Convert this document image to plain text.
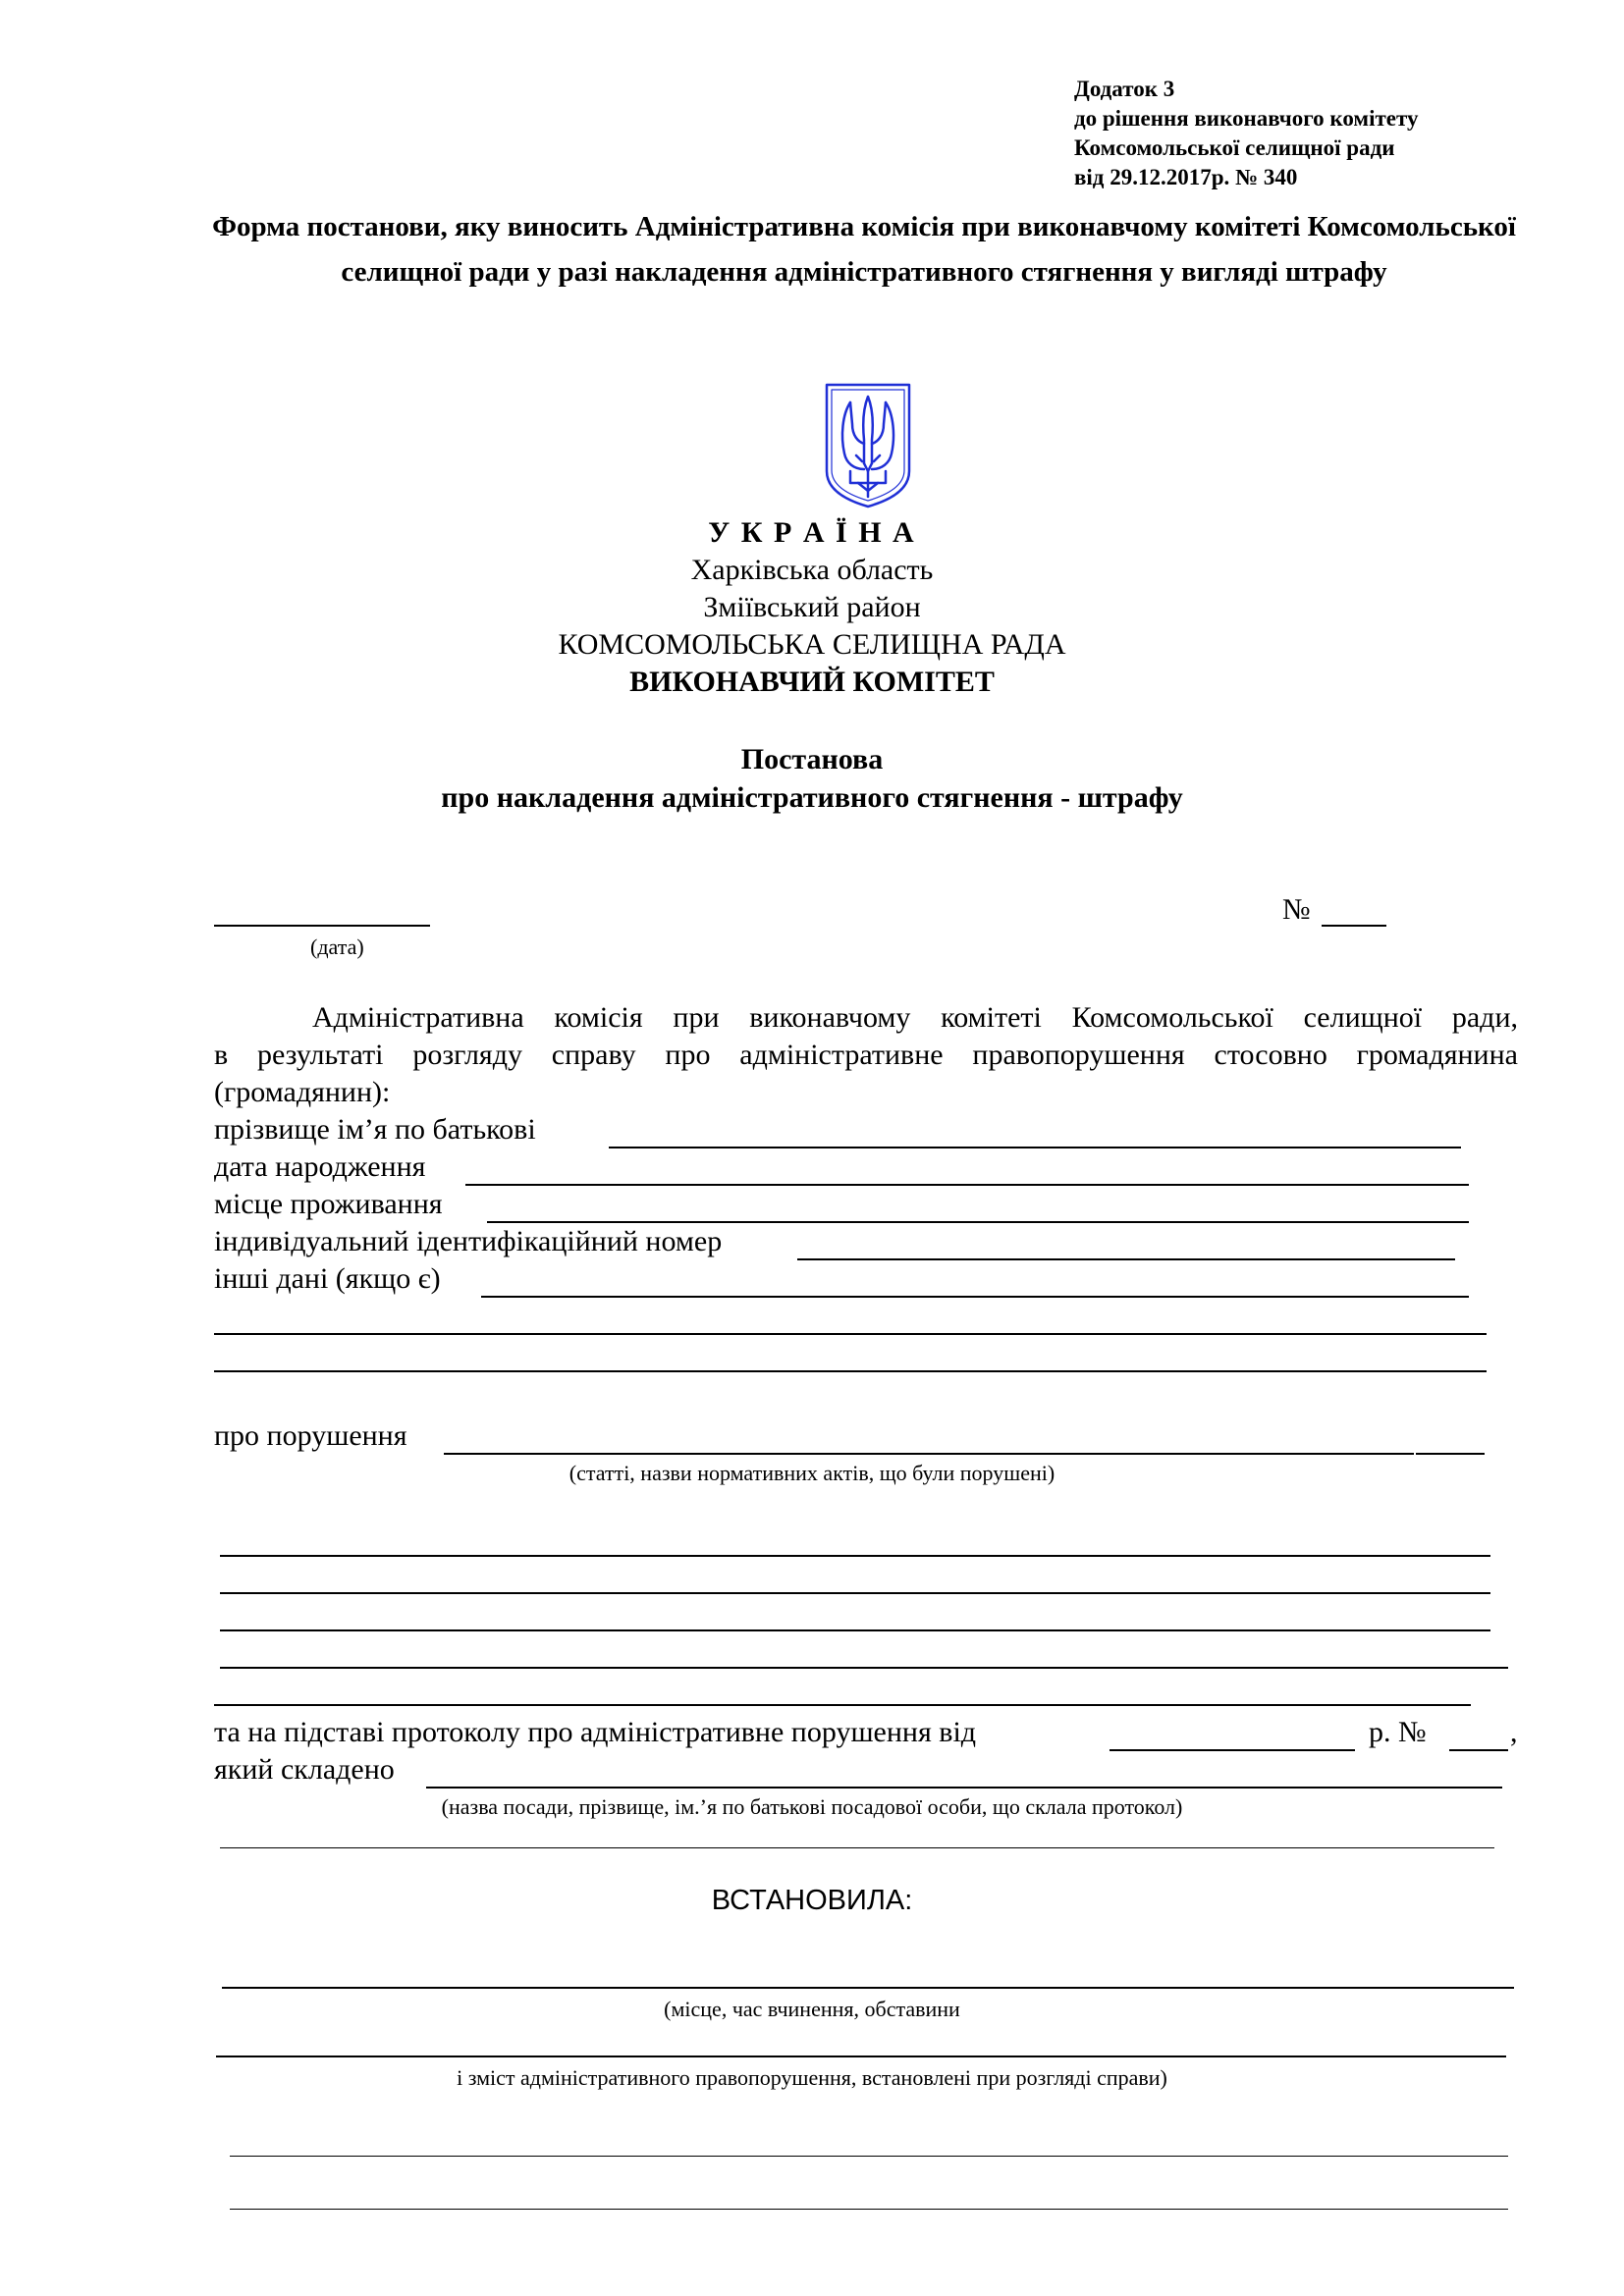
Додаток 3
до рішення виконавчого комітету
Комсомольської селищної ради
від 29.12.2017р. № 340
Форма постанови, яку виносить Адміністративна комісія при виконавчому комітеті Комсомольської селищної ради у разі накладення адміністративного стягнення у вигляді штрафу
У К Р А Ї Н А
Харківська область
Зміївський район
КОМСОМОЛЬСЬКА СЕЛИЩНА РАДА
ВИКОНАВЧИЙ КОМІТЕТ
Постанова
про накладення адміністративного стягнення - штрафу
(дата)
№
Адміністративна комісія при виконавчому комітеті Комсомольської селищної ради,
в результаті розгляду справу про адміністративне правопорушення стосовно громадянина
(громадянин):
прізвище ім’я по батькові
дата народження
місце проживання
індивідуальний ідентифікаційний номер
інші дані (якщо є)
про порушення
(статті, назви нормативних актів, що були порушені)
та на підставі протоколу про адміністративне порушення від	р. №	,
який складено
(назва посади, прізвище, ім.’я по батькові посадової особи, що склала протокол)
ВСТАНОВИЛА:
(місце, час вчинення, обставини
і зміст адміністративного правопорушення, встановлені при розгляді справи)
